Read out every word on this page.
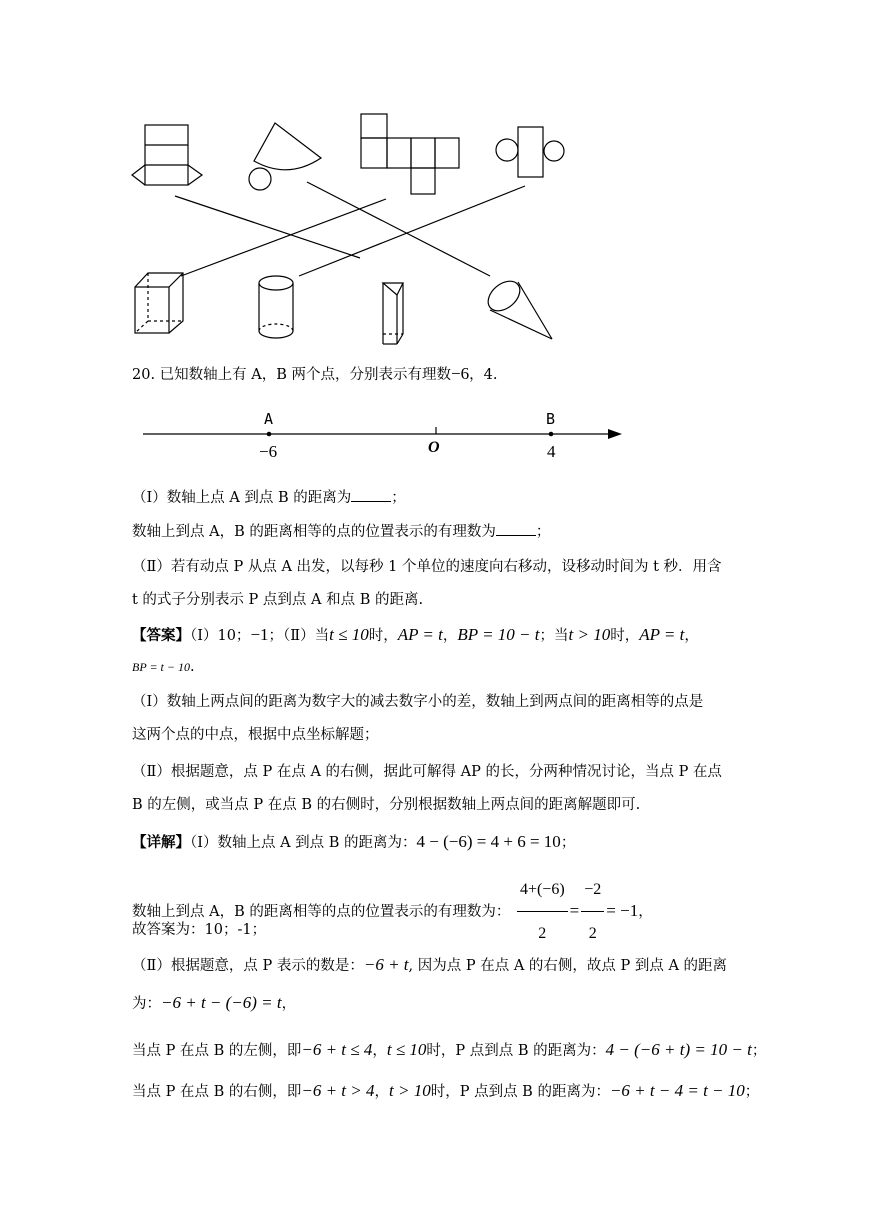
20. 已知数轴上有 A，B 两个点，分别表示有理数−6，4.
A	B
−6	O	4
（Ⅰ）数轴上点 A 到点 B 的距离为	；
数轴上到点 A，B 的距离相等的点的位置表示的有理数为	；
（Ⅱ）若有动点 P 从点 A 出发，以每秒 1 个单位的速度向右移动，设移动时间为 t 秒．用含
t 的式子分别表示 P 点到点 A 和点 B 的距离.
【答案】（Ⅰ）10；−1；（Ⅱ）当t ≤ 10时，AP = t，BP = 10 − t；当t > 10时，AP = t，
BP = t − 10.
（Ⅰ）数轴上两点间的距离为数字大的减去数字小的差，数轴上到两点间的距离相等的点是
这两个点的中点，根据中点坐标解题；
（Ⅱ）根据题意，点 P 在点 A 的右侧，据此可解得 AP 的长，分两种情况讨论，当点 P 在点
B 的左侧，或当点 P 在点 B 的右侧时，分别根据数轴上两点间的距离解题即可.
【详解】（Ⅰ）数轴上点 A 到点 B 的距离为：4 − (−6) = 4 + 6 = 10；
数轴上到点 A，B 的距离相等的点的位置表示的有理数为： $\frac{4+(-6)}{2} = \frac{-2}{2} = -1$，
故答案为：10；-1；
（Ⅱ）根据题意，点 P 表示的数是：−6 + t, 因为点 P 在点 A 的右侧，故点 P 到点 A 的距离
为：−6 + t − (−6) = t，
当点 P 在点 B 的左侧，即−6 + t ≤ 4，t ≤ 10时，P 点到点 B 的距离为：4 − (−6 + t) = 10 − t；
当点 P 在点 B 的右侧，即−6 + t > 4，t > 10时，P 点到点 B 的距离为：−6 + t − 4 = t − 10；
